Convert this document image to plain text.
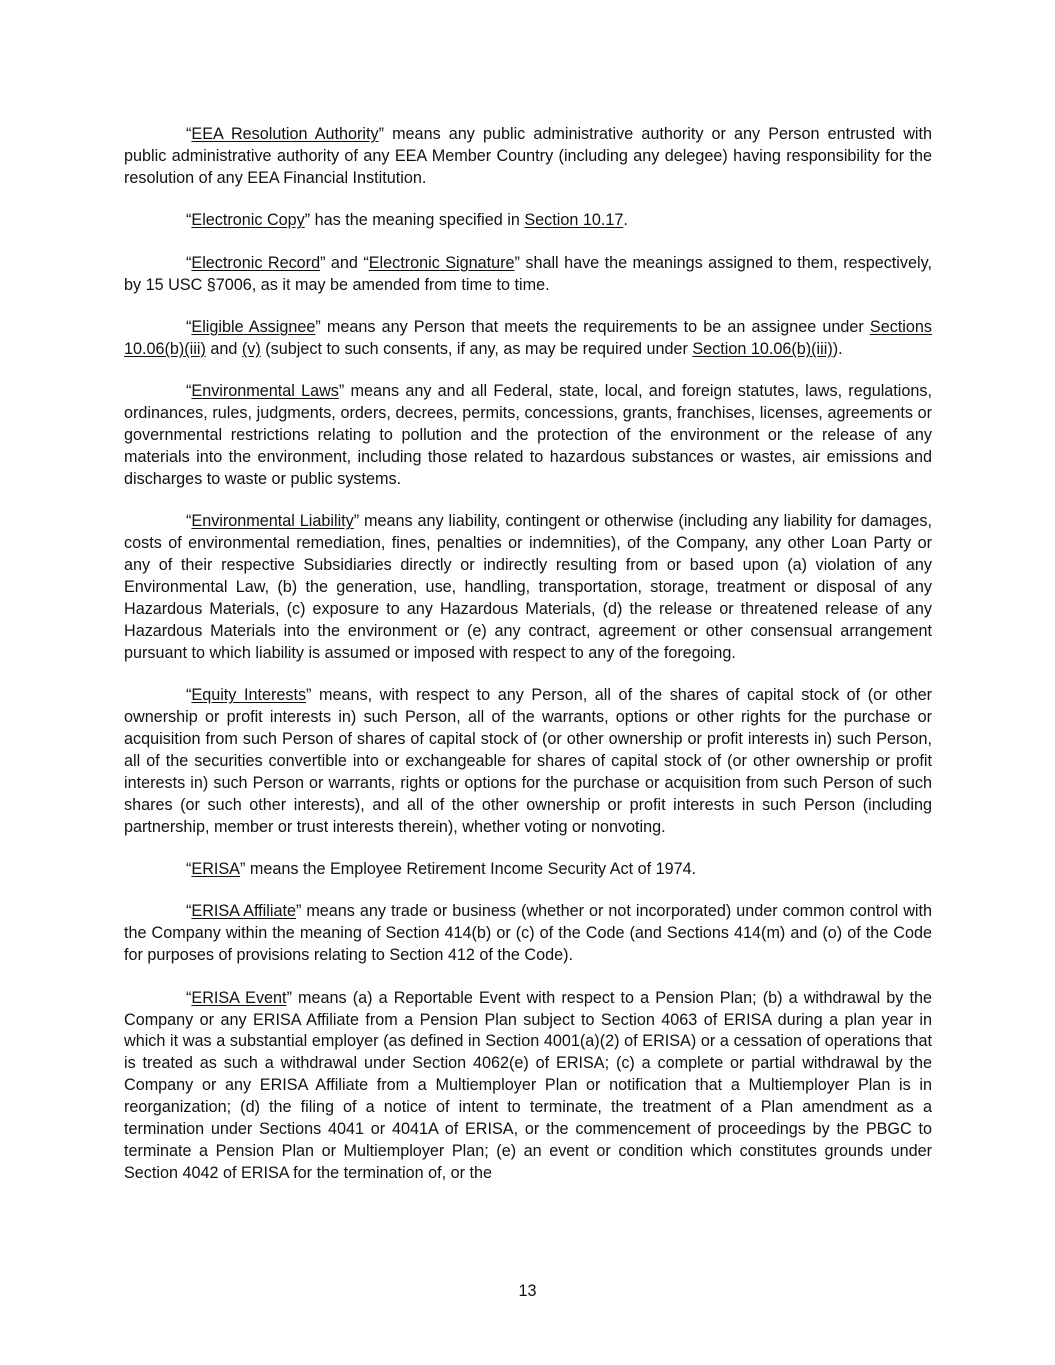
“EEA Resolution Authority” means any public administrative authority or any Person entrusted with public administrative authority of any EEA Member Country (including any delegee) having responsibility for the resolution of any EEA Financial Institution.

“Electronic Copy” has the meaning specified in Section 10.17.

“Electronic Record” and “Electronic Signature” shall have the meanings assigned to them, respectively, by 15 USC §7006, as it may be amended from time to time.

“Eligible Assignee” means any Person that meets the requirements to be an assignee under Sections 10.06(b)(iii) and (v) (subject to such consents, if any, as may be required under Section 10.06(b)(iii)).

“Environmental Laws” means any and all Federal, state, local, and foreign statutes, laws, regulations, ordinances, rules, judgments, orders, decrees, permits, concessions, grants, franchises, licenses, agreements or governmental restrictions relating to pollution and the protection of the environment or the release of any materials into the environment, including those related to hazardous substances or wastes, air emissions and discharges to waste or public systems.

“Environmental Liability” means any liability, contingent or otherwise (including any liability for damages, costs of environmental remediation, fines, penalties or indemnities), of the Company, any other Loan Party or any of their respective Subsidiaries directly or indirectly resulting from or based upon (a) violation of any Environmental Law, (b) the generation, use, handling, transportation, storage, treatment or disposal of any Hazardous Materials, (c) exposure to any Hazardous Materials, (d) the release or threatened release of any Hazardous Materials into the environment or (e) any contract, agreement or other consensual arrangement pursuant to which liability is assumed or imposed with respect to any of the foregoing.

“Equity Interests” means, with respect to any Person, all of the shares of capital stock of (or other ownership or profit interests in) such Person, all of the warrants, options or other rights for the purchase or acquisition from such Person of shares of capital stock of (or other ownership or profit interests in) such Person, all of the securities convertible into or exchangeable for shares of capital stock of (or other ownership or profit interests in) such Person or warrants, rights or options for the purchase or acquisition from such Person of such shares (or such other interests), and all of the other ownership or profit interests in such Person (including partnership, member or trust interests therein), whether voting or nonvoting.

“ERISA” means the Employee Retirement Income Security Act of 1974.

“ERISA Affiliate” means any trade or business (whether or not incorporated) under common control with the Company within the meaning of Section 414(b) or (c) of the Code (and Sections 414(m) and (o) of the Code for purposes of provisions relating to Section 412 of the Code).

“ERISA Event” means (a) a Reportable Event with respect to a Pension Plan; (b) a withdrawal by the Company or any ERISA Affiliate from a Pension Plan subject to Section 4063 of ERISA during a plan year in which it was a substantial employer (as defined in Section 4001(a)(2) of ERISA) or a cessation of operations that is treated as such a withdrawal under Section 4062(e) of ERISA; (c) a complete or partial withdrawal by the Company or any ERISA Affiliate from a Multiemployer Plan or notification that a Multiemployer Plan is in reorganization; (d) the filing of a notice of intent to terminate, the treatment of a Plan amendment as a termination under Sections 4041 or 4041A of ERISA, or the commencement of proceedings by the PBGC to terminate a Pension Plan or Multiemployer Plan; (e) an event or condition which constitutes grounds under Section 4042 of ERISA for the termination of, or the

13
